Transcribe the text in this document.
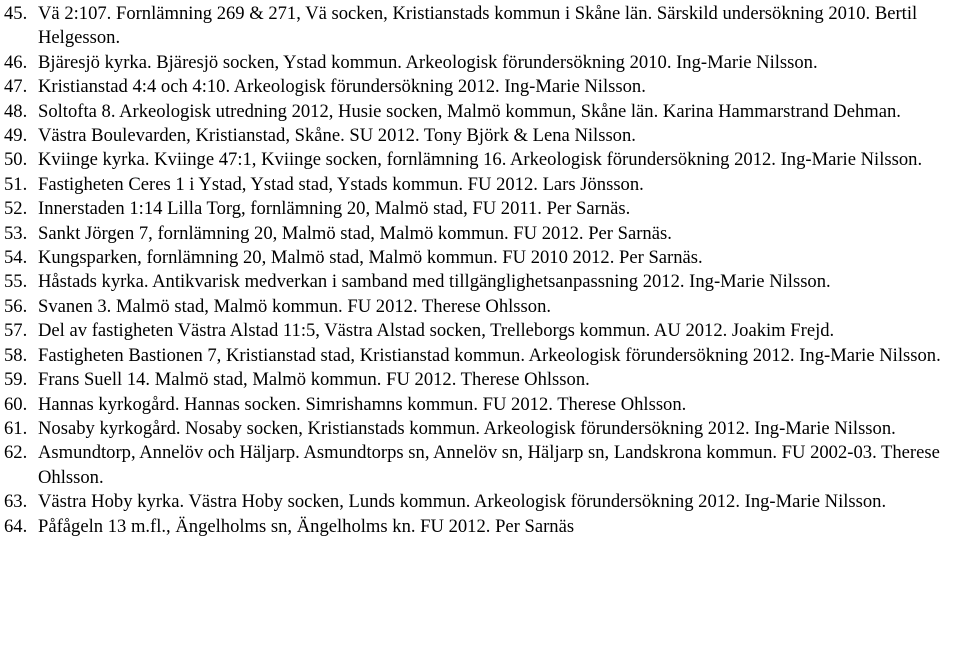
45. Vä 2:107. Fornlämning 269 & 271, Vä socken, Kristianstads kommun i Skåne län. Särskild undersökning 2010. Bertil Helgesson.
46. Bjäresjö kyrka. Bjäresjö socken, Ystad kommun. Arkeologisk förundersökning 2010. Ing-Marie Nilsson.
47. Kristianstad 4:4 och 4:10. Arkeologisk förundersökning 2012. Ing-Marie Nilsson.
48. Soltofta 8. Arkeologisk utredning 2012, Husie socken, Malmö kommun, Skåne län. Karina Hammarstrand Dehman.
49. Västra Boulevarden, Kristianstad, Skåne. SU 2012. Tony Björk & Lena Nilsson.
50. Kviinge kyrka. Kviinge 47:1, Kviinge socken, fornlämning 16. Arkeologisk förundersökning 2012. Ing-Marie Nilsson.
51. Fastigheten Ceres 1 i Ystad, Ystad stad, Ystads kommun. FU 2012. Lars Jönsson.
52. Innerstaden 1:14 Lilla Torg, fornlämning 20, Malmö stad, FU 2011. Per Sarnäs.
53. Sankt Jörgen 7, fornlämning 20, Malmö stad, Malmö kommun. FU 2012. Per Sarnäs.
54. Kungsparken, fornlämning 20, Malmö stad, Malmö kommun. FU 2010 2012. Per Sarnäs.
55. Håstads kyrka. Antikvarisk medverkan i samband med tillgänglighetsanpassning 2012. Ing-Marie Nilsson.
56. Svanen 3. Malmö stad, Malmö kommun. FU 2012. Therese Ohlsson.
57. Del av fastigheten Västra Alstad 11:5, Västra Alstad socken, Trelleborgs kommun. AU 2012. Joakim Frejd.
58. Fastigheten Bastionen 7, Kristianstad stad, Kristianstad kommun. Arkeologisk förundersökning 2012. Ing-Marie Nilsson.
59. Frans Suell 14. Malmö stad, Malmö kommun. FU 2012. Therese Ohlsson.
60. Hannas kyrkogård. Hannas socken. Simrishamns kommun. FU 2012. Therese Ohlsson.
61. Nosaby kyrkogård. Nosaby socken, Kristianstads kommun. Arkeologisk förundersökning 2012. Ing-Marie Nilsson.
62. Asmundtorp, Annelöv och Häljarp. Asmundtorps sn, Annelöv sn, Häljarp sn, Landskrona kommun. FU 2002-03. Therese Ohlsson.
63. Västra Hoby kyrka. Västra Hoby socken, Lunds kommun. Arkeologisk förundersökning 2012. Ing-Marie Nilsson.
64. Påfågeln 13 m.fl., Ängelholms sn, Ängelholms kn. FU 2012. Per Sarnäs
